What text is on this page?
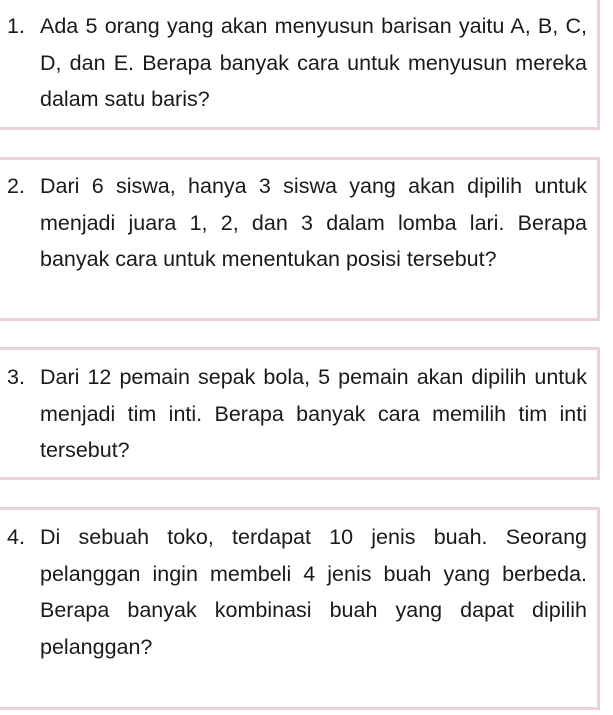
1. Ada 5 orang yang akan menyusun barisan yaitu A, B, C, D, dan E. Berapa banyak cara untuk menyusun mereka dalam satu baris?
2. Dari 6 siswa, hanya 3 siswa yang akan dipilih untuk menjadi juara 1, 2, dan 3 dalam lomba lari. Berapa banyak cara untuk menentukan posisi tersebut?
3. Dari 12 pemain sepak bola, 5 pemain akan dipilih untuk menjadi tim inti. Berapa banyak cara memilih tim inti tersebut?
4. Di sebuah toko, terdapat 10 jenis buah. Seorang pelanggan ingin membeli 4 jenis buah yang berbeda. Berapa banyak kombinasi buah yang dapat dipilih pelanggan?
